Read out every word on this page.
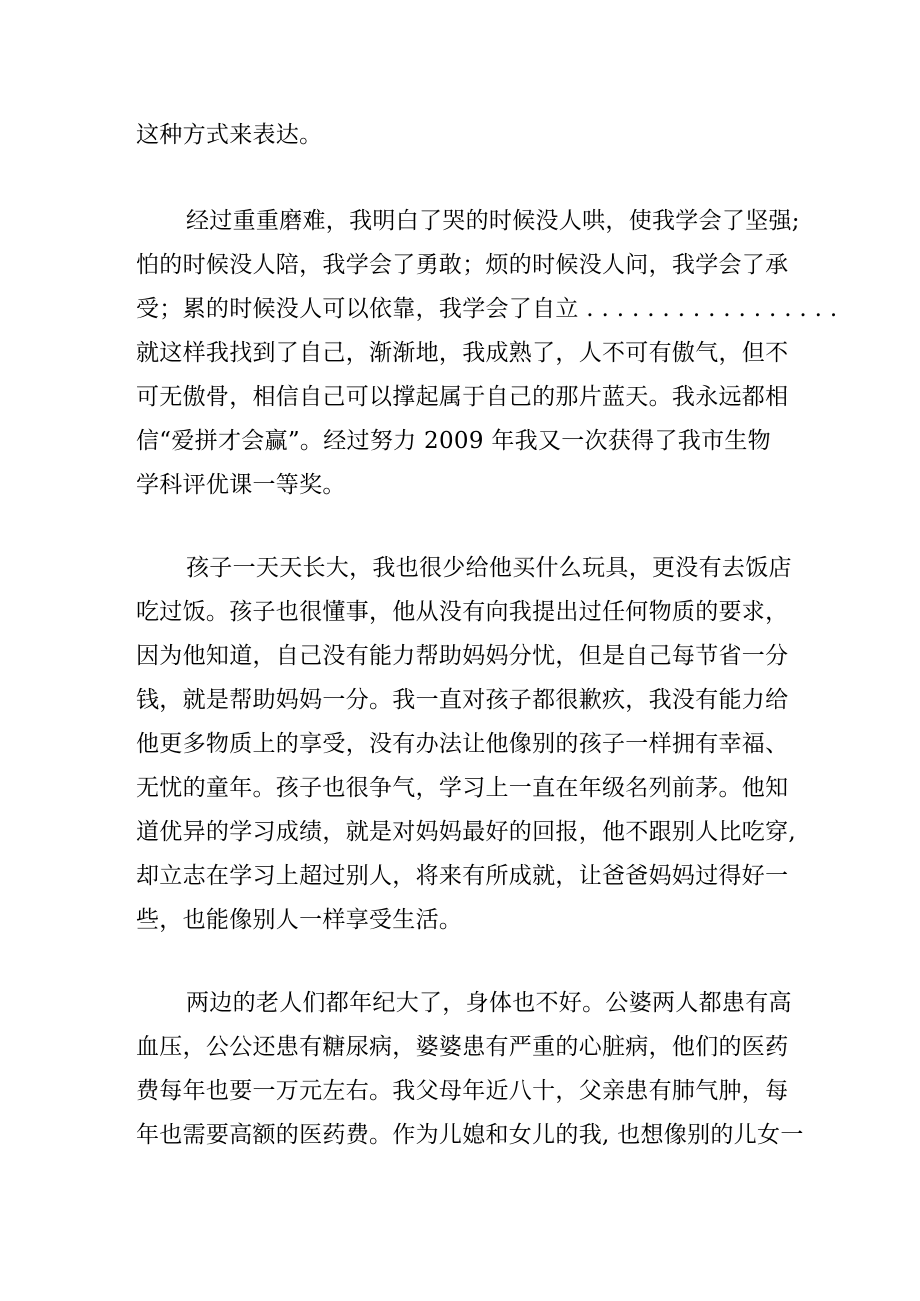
这种方式来表达。
经过重重磨难，我明白了哭的时候没人哄，使我学会了坚强;
怕的时候没人陪，我学会了勇敢；烦的时候没人问，我学会了承
受；累的时候没人可以依靠，我学会了自立 . . . . . . . . . . . . . . . . .
就这样我找到了自己，渐渐地，我成熟了，人不可有傲气，但不
可无傲骨，相信自己可以撑起属于自己的那片蓝天。我永远都相
信“爱拼才会赢”。经过努力 2009 年我又一次获得了我市生物
学科评优课一等奖。
孩子一天天长大，我也很少给他买什么玩具，更没有去饭店
吃过饭。孩子也很懂事，他从没有向我提出过任何物质的要求，
因为他知道，自己没有能力帮助妈妈分忧，但是自己每节省一分
钱，就是帮助妈妈一分。我一直对孩子都很歉疚，我没有能力给
他更多物质上的享受，没有办法让他像别的孩子一样拥有幸福、
无忧的童年。孩子也很争气，学习上一直在年级名列前茅。他知
道优异的学习成绩，就是对妈妈最好的回报，他不跟别人比吃穿,
却立志在学习上超过别人，将来有所成就，让爸爸妈妈过得好一
些，也能像别人一样享受生活。
两边的老人们都年纪大了，身体也不好。公婆两人都患有高
血压，公公还患有糖尿病，婆婆患有严重的心脏病，他们的医药
费每年也要一万元左右。我父母年近八十，父亲患有肺气肿，每
年也需要高额的医药费。作为儿媳和女儿的我, 也想像别的儿女一
